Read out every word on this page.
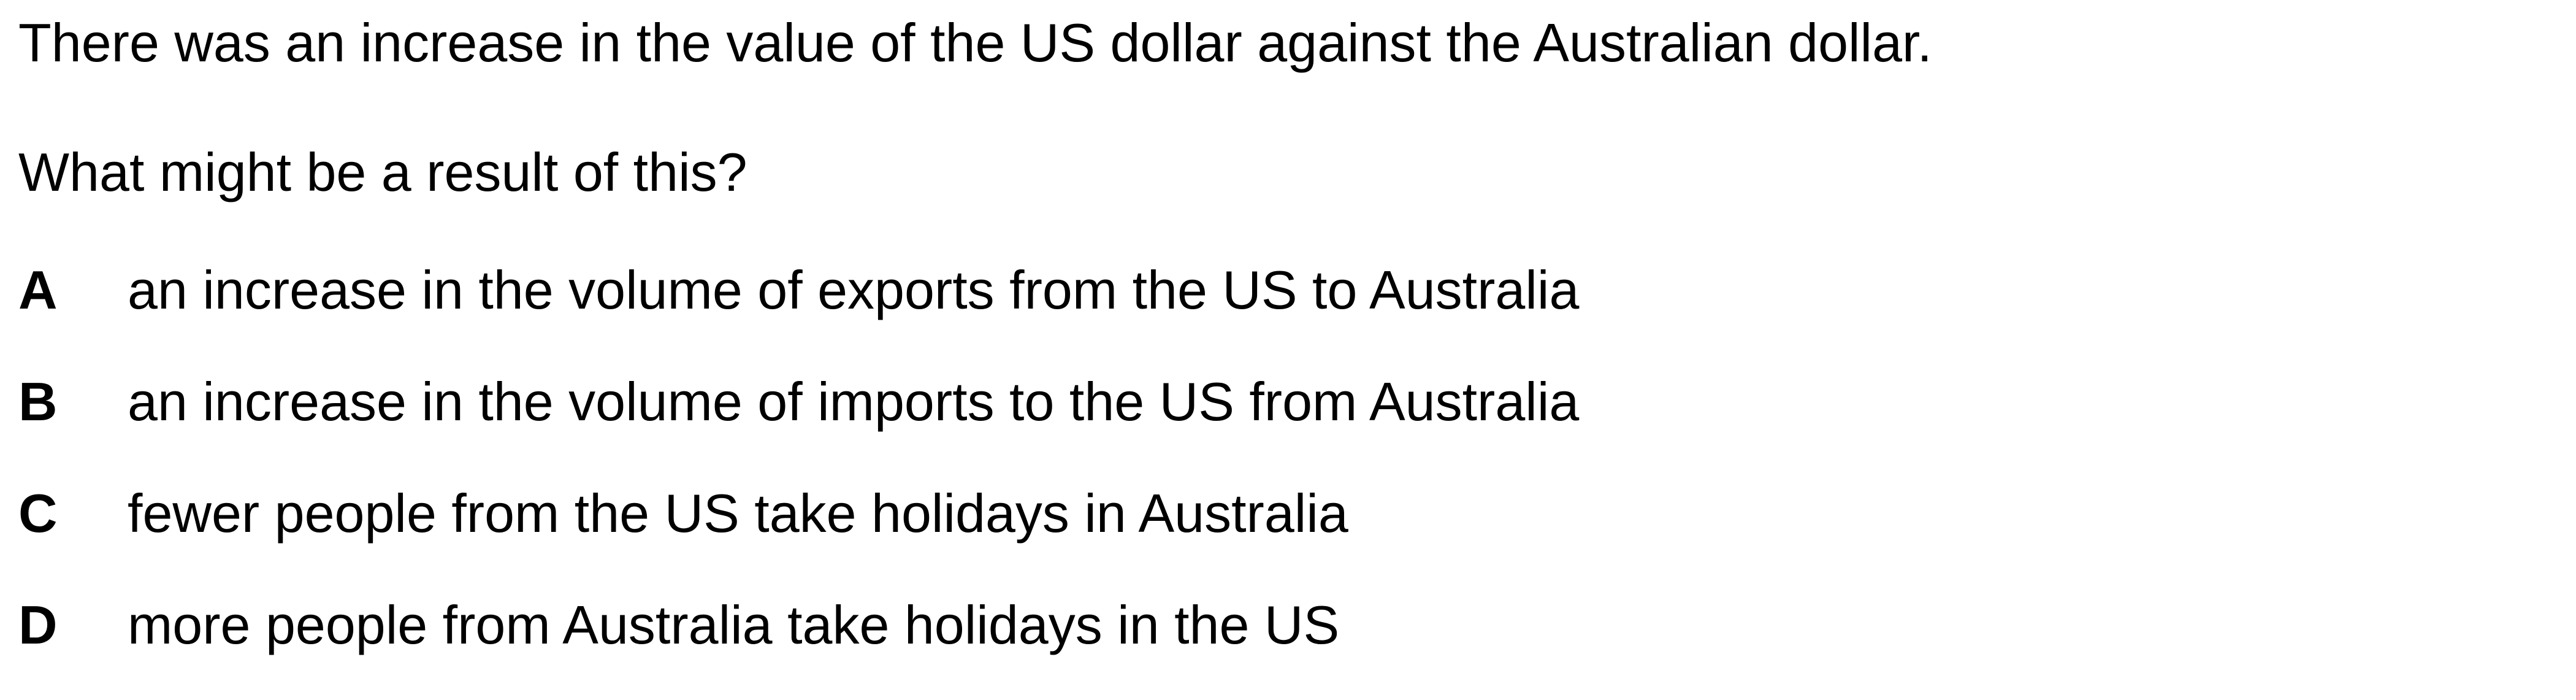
There was an increase in the value of the US dollar against the Australian dollar.

What might be a result of this?

A	an increase in the volume of exports from the US to Australia
B	an increase in the volume of imports to the US from Australia
C	fewer people from the US take holidays in Australia
D	more people from Australia take holidays in the US
